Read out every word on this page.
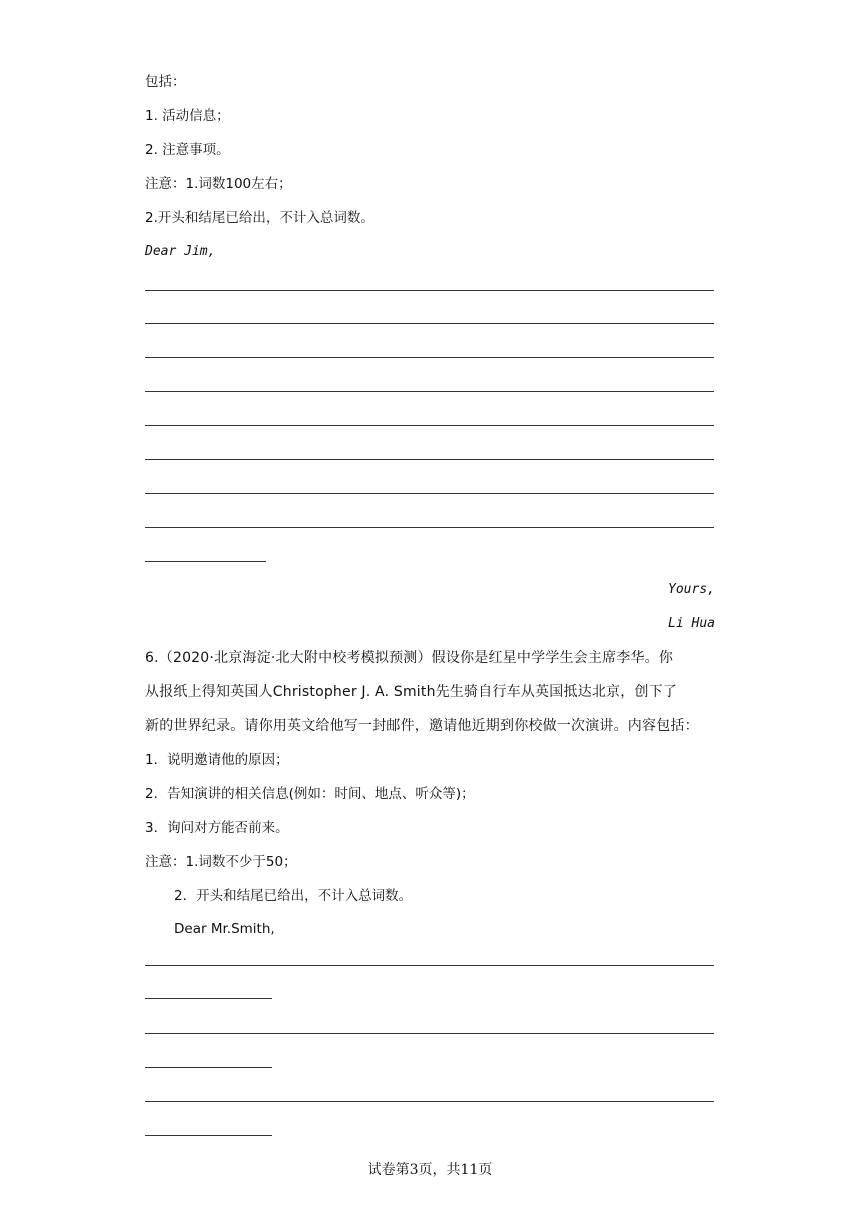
包括：
1. 活动信息；
2. 注意事项。
注意：1.词数100左右；
2.开头和结尾已给出，不计入总词数。
Dear Jim,
Yours,
Li Hua
6.（2020·北京海淀·北大附中校考模拟预测）假设你是红星中学学生会主席李华。你
从报纸上得知英国人Christopher J. A. Smith先生骑自行车从英国抵达北京，创下了
新的世界纪录。请你用英文给他写一封邮件，邀请他近期到你校做一次演讲。内容包括：
1．说明邀请他的原因；
2．告知演讲的相关信息(例如：时间、地点、听众等)；
3．询问对方能否前来。
注意：1.词数不少于50；
2．开头和结尾已给出，不计入总词数。
Dear Mr.Smith,
试卷第3页，共11页
